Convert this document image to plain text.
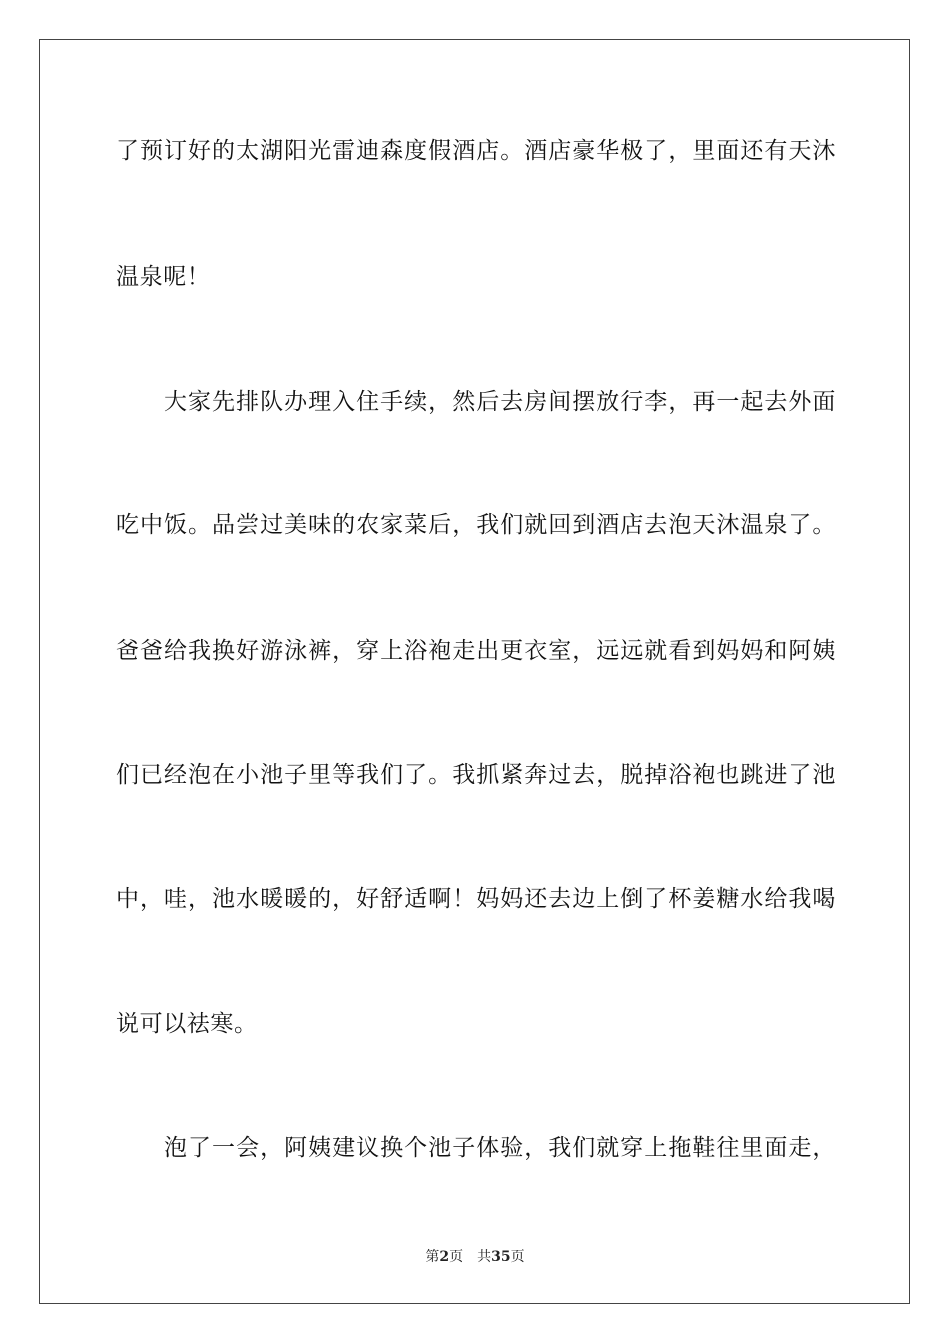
了预订好的太湖阳光雷迪森度假酒店。酒店豪华极了，里面还有天沐
温泉呢！
　　大家先排队办理入住手续，然后去房间摆放行李，再一起去外面
吃中饭。品尝过美味的农家菜后，我们就回到酒店去泡天沐温泉了。
爸爸给我换好游泳裤，穿上浴袍走出更衣室，远远就看到妈妈和阿姨
们已经泡在小池子里等我们了。我抓紧奔过去，脱掉浴袍也跳进了池
中，哇，池水暖暖的，好舒适啊！妈妈还去边上倒了杯姜糖水给我喝
说可以祛寒。
　　泡了一会，阿姨建议换个池子体验，我们就穿上拖鞋往里面走，
第2页 共35页
